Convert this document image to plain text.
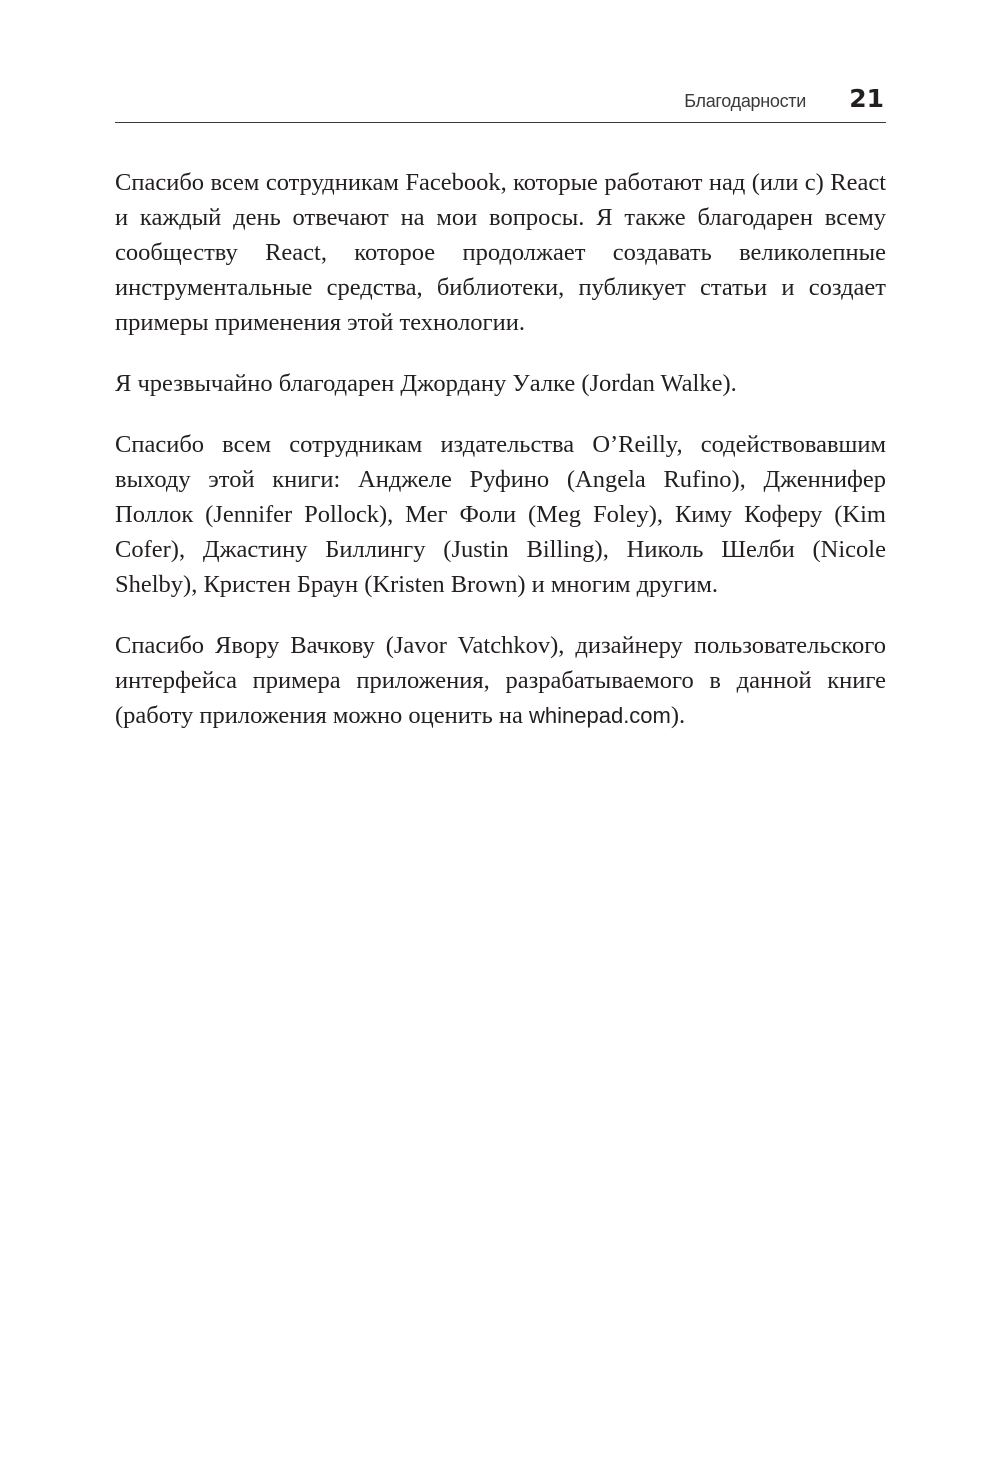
Благодарности 21

Спасибо всем сотрудникам Facebook, которые работают над (или с) React и каждый день отвечают на мои вопросы. Я также благодарен всему сообществу React, которое продолжает создавать великолепные инструментальные средства, библиотеки, публикует статьи и создает примеры применения этой технологии.

Я чрезвычайно благодарен Джордану Уалке (Jordan Walke).

Спасибо всем сотрудникам издательства O’Reilly, содействовавшим выходу этой книги: Анджеле Руфино (Angela Rufino), Дженнифер Поллок (Jennifer Pollock), Мег Фоли (Meg Foley), Киму Коферу (Kim Cofer), Джастину Биллингу (Justin Billing), Николь Шелби (Nicole Shelby), Кристен Браун (Kristen Brown) и многим другим.

Спасибо Явору Вачкову (Javor Vatchkov), дизайнеру пользовательского интерфейса примера приложения, разрабатываемого в данной книге (работу приложения можно оценить на whinepad.com).
